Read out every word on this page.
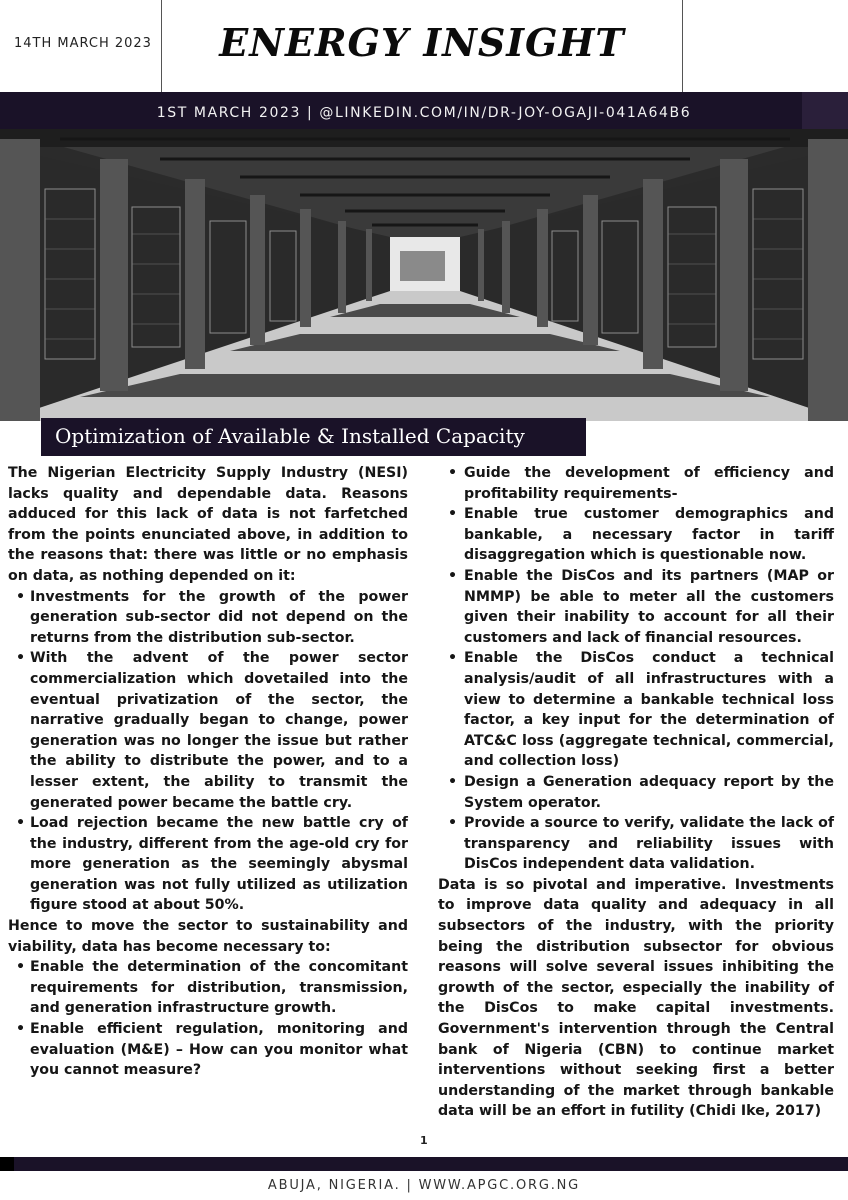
14TH MARCH 2023	ENERGY INSIGHT
1ST MARCH 2023 | @LINKEDIN.COM/IN/DR-JOY-OGAJI-041A64B6
Optimization of Available & Installed Capacity

The Nigerian Electricity Supply Industry (NESI) lacks quality and dependable data. Reasons adduced for this lack of data is not farfetched from the points enunciated above, in addition to the reasons that: there was little or no emphasis on data, as nothing depended on it:

• Investments for the growth of the power generation sub-sector did not depend on the returns from the distribution sub-sector.
• With the advent of the power sector commercialization which dovetailed into the eventual privatization of the sector, the narrative gradually began to change, power generation was no longer the issue but rather the ability to distribute the power, and to a lesser extent, the ability to transmit the generated power became the battle cry.
• Load rejection became the new battle cry of the industry, different from the age-old cry for more generation as the seemingly abysmal generation was not fully utilized as utilization figure stood at about 50%.

Hence to move the sector to sustainability and viability, data has become necessary to:

• Enable the determination of the concomitant requirements for distribution, transmission, and generation infrastructure growth.
• Enable efficient regulation, monitoring and evaluation (M&E) – How can you monitor what you cannot measure?
• Guide the development of efficiency and profitability requirements-
• Enable true customer demographics and bankable, a necessary factor in tariff disaggregation which is questionable now.
• Enable the DisCos and its partners (MAP or NMMP) be able to meter all the customers given their inability to account for all their customers and lack of financial resources.
• Enable the DisCos conduct a technical analysis/audit of all infrastructures with a view to determine a bankable technical loss factor, a key input for the determination of ATC&C loss (aggregate technical, commercial, and collection loss)
• Design a Generation adequacy report by the System operator.
• Provide a source to verify, validate the lack of transparency and reliability issues with DisCos independent data validation.

Data is so pivotal and imperative. Investments to improve data quality and adequacy in all subsectors of the industry, with the priority being the distribution subsector for obvious reasons will solve several issues inhibiting the growth of the sector, especially the inability of the DisCos to make capital investments. Government's intervention through the Central bank of Nigeria (CBN) to continue market interventions without seeking first a better understanding of the market through bankable data will be an effort in futility (Chidi Ike, 2017)

1
ABUJA, NIGERIA. | WWW.APGC.ORG.NG
